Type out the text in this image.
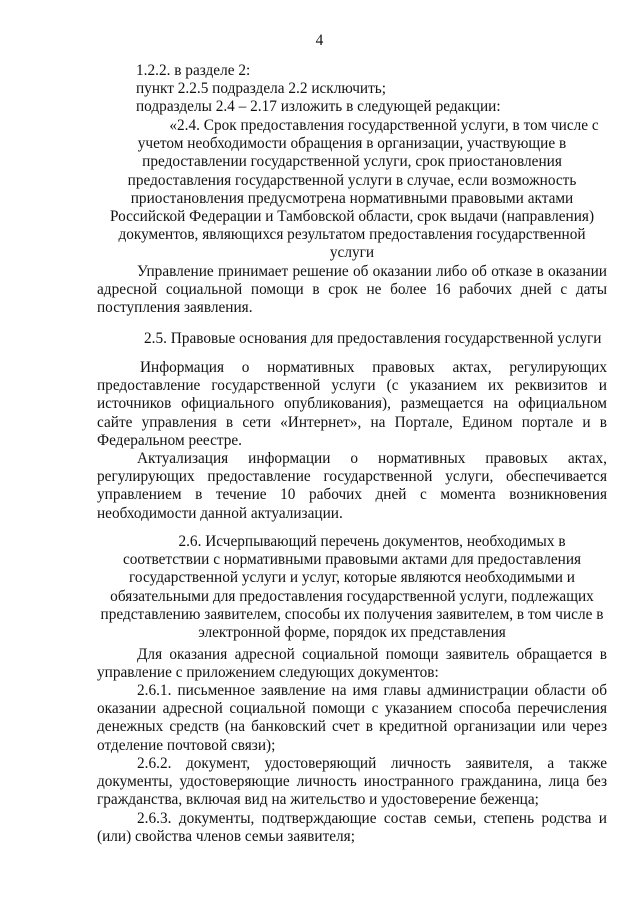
4
1.2.2. в разделе 2:
пункт 2.2.5 подраздела 2.2 исключить;
подразделы 2.4 – 2.17 изложить в следующей редакции:
«2.4. Срок предоставления государственной услуги, в том числе с
учетом необходимости обращения в организации, участвующие в
предоставлении государственной услуги, срок приостановления
предоставления государственной услуги в случае, если возможность
приостановления предусмотрена нормативными правовыми актами
Российской Федерации и Тамбовской области, срок выдачи (направления)
документов, являющихся результатом предоставления государственной
услуги

Управление принимает решение об оказании либо об отказе в оказании

адресной социальной помощи в срок не более 16 рабочих дней с даты

поступления заявления.

2.5. Правовые основания для предоставления государственной услуги

Информация о нормативных правовых актах, регулирующих

предоставление государственной услуги (с указанием их реквизитов и

источников официального опубликования), размещается на официальном

сайте управления в сети «Интернет», на Портале, Едином портале и в

Федеральном реестре.

Актуализация информации о нормативных правовых актах,

регулирующих предоставление государственной услуги, обеспечивается

управлением в течение 10 рабочих дней с момента возникновения

необходимости данной актуализации.

2.6. Исчерпывающий перечень документов, необходимых в
соответствии с нормативными правовыми актами для предоставления
государственной услуги и услуг, которые являются необходимыми и
обязательными для предоставления государственной услуги, подлежащих
представлению заявителем, способы их получения заявителем, в том числе в
электронной форме, порядок их представления

Для оказания адресной социальной помощи заявитель обращается в

управление с приложением следующих документов:

2.6.1. письменное заявление на имя главы администрации области об

оказании адресной социальной помощи с указанием способа перечисления

денежных средств (на банковский счет в кредитной организации или через

отделение почтовой связи);

2.6.2. документ, удостоверяющий личность заявителя, а также

документы, удостоверяющие личность иностранного гражданина, лица без

гражданства, включая вид на жительство и удостоверение беженца;

2.6.3. документы, подтверждающие состав семьи, степень родства и

(или) свойства членов семьи заявителя;
